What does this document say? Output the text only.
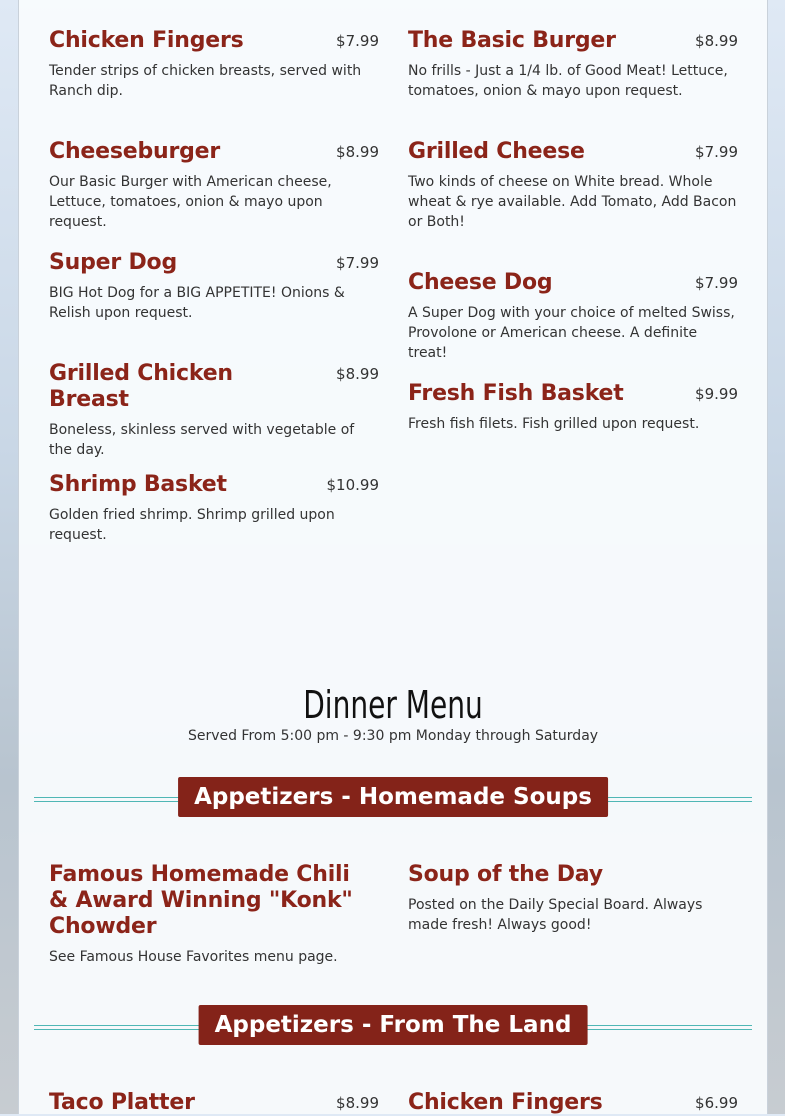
Chicken Fingers	$7.99
Tender strips of chicken breasts, served with Ranch dip.
The Basic Burger	$8.99
No frills - Just a 1/4 lb. of Good Meat! Lettuce, tomatoes, onion & mayo upon request.
Cheeseburger	$8.99
Our Basic Burger with American cheese, Lettuce, tomatoes, onion & mayo upon request.
Grilled Cheese	$7.99
Two kinds of cheese on White bread. Whole wheat & rye available. Add Tomato, Add Bacon or Both!
Super Dog	$7.99
BIG Hot Dog for a BIG APPETITE! Onions & Relish upon request.
Cheese Dog	$7.99
A Super Dog with your choice of melted Swiss, Provolone or American cheese. A definite treat!
Grilled Chicken Breast
$8.99
Boneless, skinless served with vegetable of the day.
Fresh Fish Basket	$9.99
Fresh fish filets. Fish grilled upon request.
Shrimp Basket	$10.99
Golden fried shrimp. Shrimp grilled upon request.
Dinner Menu
Served From 5:00 pm - 9:30 pm Monday through Saturday
Appetizers - Homemade Soups
Famous Homemade Chili & Award Winning "Konk" Chowder
See Famous House Favorites menu page.
Soup of the Day
Posted on the Daily Special Board. Always made fresh! Always good!
Appetizers - From The Land
Taco Platter	$8.99 Chicken Fingers	$6.99
